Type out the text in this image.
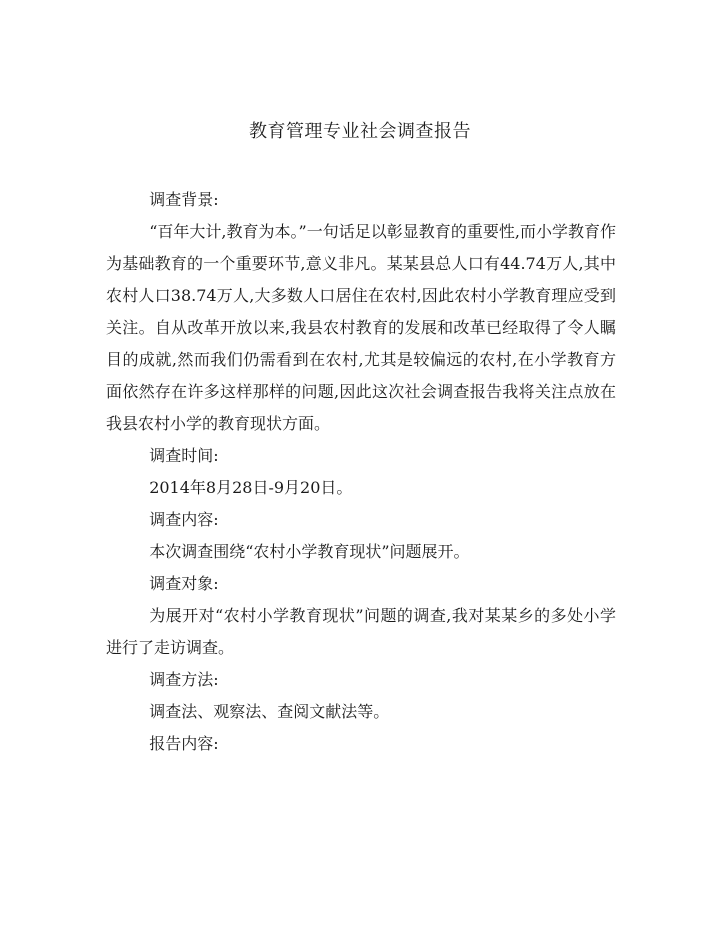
教育管理专业社会调查报告

调查背景:

“百年大计,教育为本。”一句话足以彰显教育的重要性,而小学教育作为基础教育的一个重要环节,意义非凡。某某县总人口有44.74万人,其中农村人口38.74万人,大多数人口居住在农村,因此农村小学教育理应受到关注。自从改革开放以来,我县农村教育的发展和改革已经取得了令人瞩目的成就,然而我们仍需看到在农村,尤其是较偏远的农村,在小学教育方面依然存在许多这样那样的问题,因此这次社会调查报告我将关注点放在我县农村小学的教育现状方面。

调查时间:

2014年8月28日-9月20日。

调查内容:

本次调查围绕“农村小学教育现状”问题展开。

调查对象:

为展开对“农村小学教育现状”问题的调查,我对某某乡的多处小学进行了走访调查。

调查方法:

调查法、观察法、查阅文献法等。

报告内容:
